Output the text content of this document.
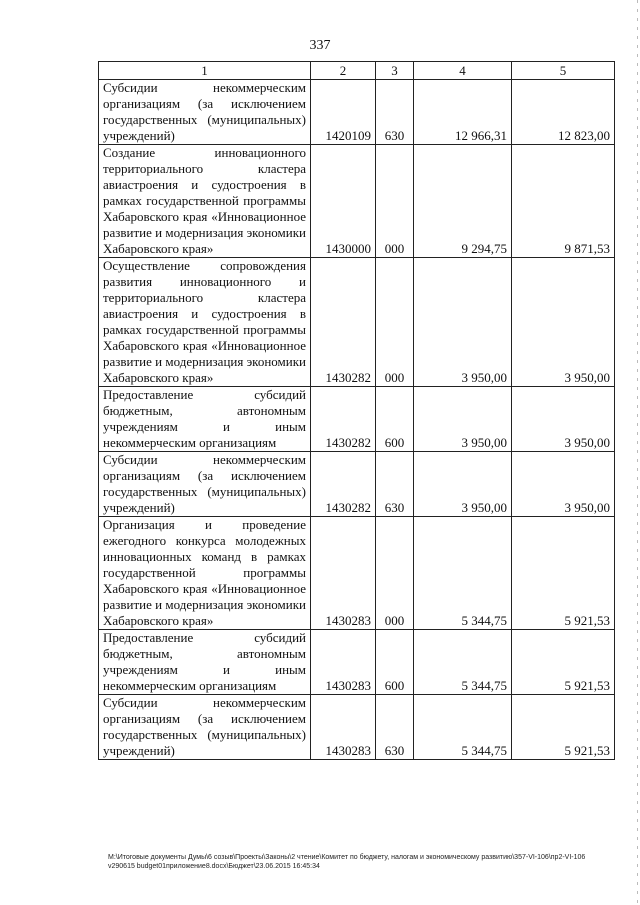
337
1	2	3	4	5
Субсидии некоммерческим организациям (за исключением государственных (муниципальных) учреждений)	1420109	630	12 966,31	12 823,00
Создание инновационного территориального кластера авиастроения и судостроения в рамках государственной программы Хабаровского края «Инновационное развитие и модернизация экономики Хабаровского края»	1430000	000	9 294,75	9 871,53
Осуществление сопровождения развития инновационного и территориального кластера авиастроения и судостроения в рамках государственной программы Хабаровского края «Инновационное развитие и модернизация экономики Хабаровского края»	1430282	000	3 950,00	3 950,00
Предоставление субсидий бюджетным, автономным учреждениям и иным некоммерческим организациям	1430282	600	3 950,00	3 950,00
Субсидии некоммерческим организациям (за исключением государственных (муниципальных) учреждений)	1430282	630	3 950,00	3 950,00
Организация и проведение ежегодного конкурса молодежных инновационных команд в рамках государственной программы Хабаровского края «Инновационное развитие и модернизация экономики Хабаровского края»	1430283	000	5 344,75	5 921,53
Предоставление субсидий бюджетным, автономным учреждениям и иным некоммерческим организациям	1430283	600	5 344,75	5 921,53
Субсидии некоммерческим организациям (за исключением государственных (муниципальных) учреждений)	1430283	630	5 344,75	5 921,53
M:\Итоговые документы Думы\6 созыв\Проекты\Законы\2 чтение\Комитет по бюджету, налогам и экономическому развитию\357-VI-106\пр2-VI-106 v290615 budget01приложение8.docx\Бюджет\23.06.2015 16:45:34
